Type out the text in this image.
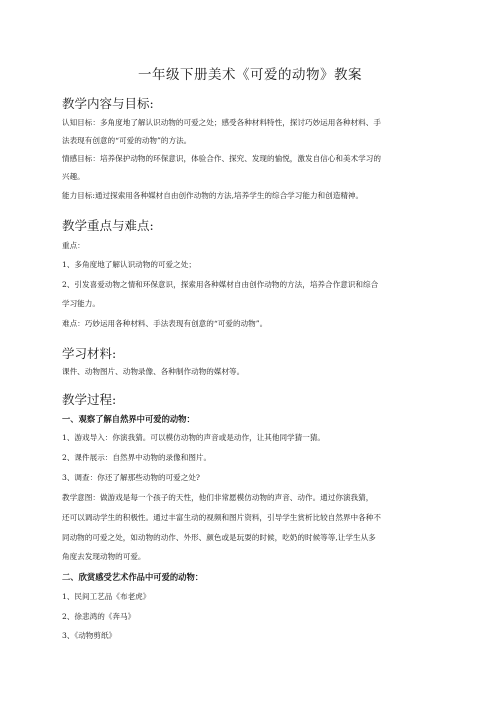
一年级下册美术《可爱的动物》教案
教学内容与目标:
认知目标：多角度地了解认识动物的可爱之处；感受各种材料特性，探讨巧妙运用各种材料、手
法表现有创意的“可爱的动物”的方法。
情感目标：培养保护动物的环保意识，体验合作、探究、发现的愉悦，激发自信心和美术学习的
兴趣。
能力目标:通过探索用各种媒材自由创作动物的方法,培养学生的综合学习能力和创造精神。
教学重点与难点:
重点：
1、多角度地了解认识动物的可爱之处；
2、引发喜爱动物之情和环保意识，探索用各种媒材自由创作动物的方法，培养合作意识和综合
学习能力。
难点：巧妙运用各种材料、手法表现有创意的“可爱的动物”。
学习材料:
课件、动物图片、动物录像、各种制作动物的媒材等。
教学过程:
一、观察了解自然界中可爱的动物：
1、游戏导入：你演我猜。可以模仿动物的声音或是动作，让其他同学猜一猜。
2、课件展示：自然界中动物的录像和图片。
3、调查：你还了解那些动物的可爱之处?
教学意图：做游戏是每一个孩子的天性，他们非常愿模仿动物的声音、动作。通过你演我猜，
还可以调动学生的积极性。通过丰富生动的视频和图片资料，引导学生赏析比较自然界中各种不
同动物的可爱之处，如动物的动作、外形、颜色或是玩耍的时候，吃奶的时候等等,让学生从多
角度去发现动物的可爱。
二、欣赏感受艺术作品中可爱的动物：
1、民间工艺品《布老虎》
2、徐悲鸿的《奔马》
3、《动物剪纸》
